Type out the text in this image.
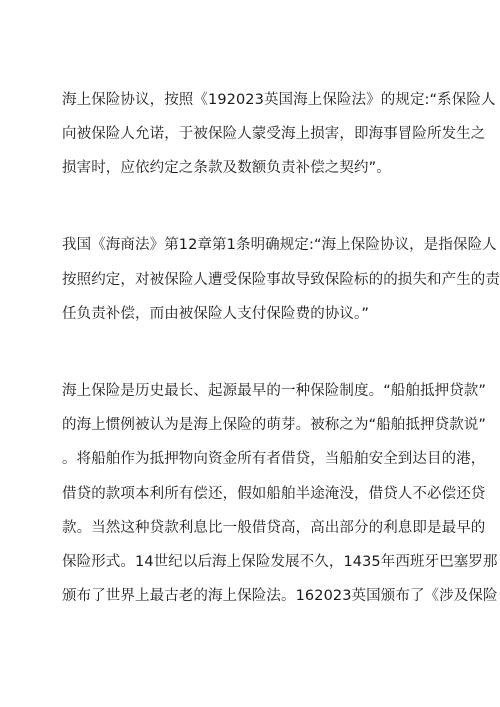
海上保险协议，按照《192023英国海上保险法》的规定:“系保险人
向被保险人允诺，于被保险人蒙受海上损害，即海事冒险所发生之
损害时，应依约定之条款及数额负责补偿之契约”。
我国《海商法》第12章第1条明确规定:“海上保险协议，是指保险人
按照约定，对被保险人遭受保险事故导致保险标的的损失和产生的责
任负责补偿，而由被保险人支付保险费的协议。”
海上保险是历史最长、起源最早的一种保险制度。“船舶抵押贷款”
的海上惯例被认为是海上保险的萌芽。被称之为“船舶抵押贷款说”
。将船舶作为抵押物向资金所有者借贷，当船舶安全到达目的港，
借贷的款项本利所有偿还，假如船舶半途淹没，借贷人不必偿还贷
款。当然这种贷款利息比一般借贷高，高出部分的利息即是最早的
保险形式。14世纪以后海上保险发展不久，1435年西班牙巴塞罗那
颁布了世界上最古老的海上保险法。162023英国颁布了《涉及保险
